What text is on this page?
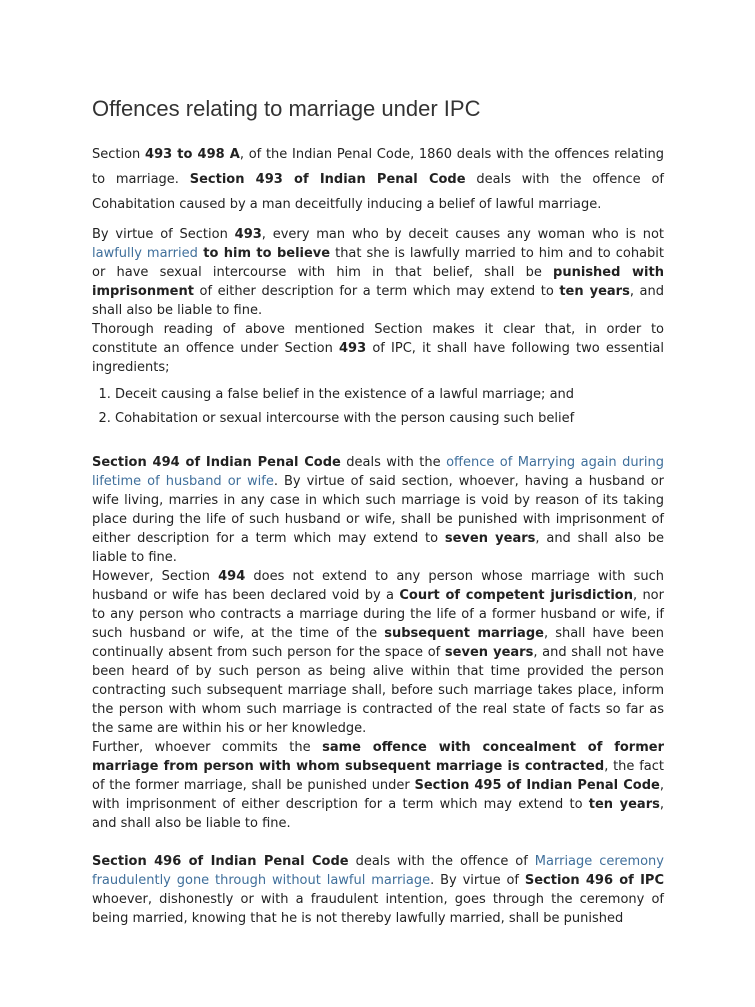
Offences relating to marriage under IPC

Section 493 to 498 A, of the Indian Penal Code, 1860 deals with the offences relating to marriage. Section 493 of Indian Penal Code deals with the offence of Cohabitation caused by a man deceitfully inducing a belief of lawful marriage.

By virtue of Section 493, every man who by deceit causes any woman who is not lawfully married to him to believe that she is lawfully married to him and to cohabit or have sexual intercourse with him in that belief, shall be punished with imprisonment of either description for a term which may extend to ten years, and shall also be liable to fine.

Thorough reading of above mentioned Section makes it clear that, in order to constitute an offence under Section 493 of IPC, it shall have following two essential ingredients;

1. Deceit causing a false belief in the existence of a lawful marriage; and
2. Cohabitation or sexual intercourse with the person causing such belief

Section 494 of Indian Penal Code deals with the offence of Marrying again during lifetime of husband or wife. By virtue of said section, whoever, having a husband or wife living, marries in any case in which such marriage is void by reason of its taking place during the life of such husband or wife, shall be punished with imprisonment of either description for a term which may extend to seven years, and shall also be liable to fine.

However, Section 494 does not extend to any person whose marriage with such husband or wife has been declared void by a Court of competent jurisdiction, nor to any person who contracts a marriage during the life of a former husband or wife, if such husband or wife, at the time of the subsequent marriage, shall have been continually absent from such person for the space of seven years, and shall not have been heard of by such person as being alive within that time provided the person contracting such subsequent marriage shall, before such marriage takes place, inform the person with whom such marriage is contracted of the real state of facts so far as the same are within his or her knowledge.
Further, whoever commits the same offence with concealment of former marriage from person with whom subsequent marriage is contracted, the fact of the former marriage, shall be punished under Section 495 of Indian Penal Code, with imprisonment of either description for a term which may extend to ten years, and shall also be liable to fine.

Section 496 of Indian Penal Code deals with the offence of Marriage ceremony fraudulently gone through without lawful marriage. By virtue of Section 496 of IPC whoever, dishonestly or with a fraudulent intention, goes through the ceremony of being married, knowing that he is not thereby lawfully married, shall be punished
